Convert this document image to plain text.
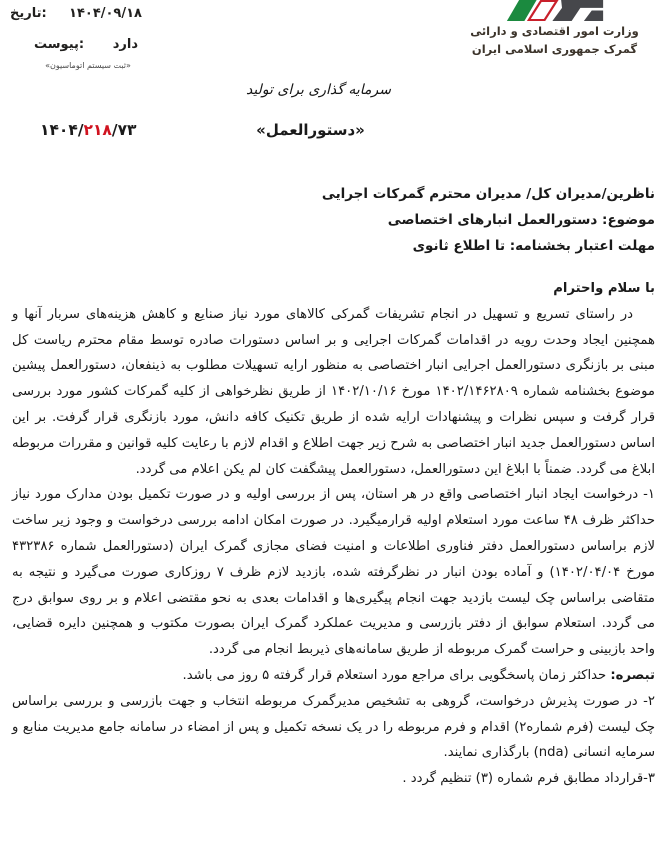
تاریخ: ۱۴۰۴/۰۹/۱۸
پیوست: دارد
«ثبت سیستم اتوماسیون»
وزارت امور اقتصادی و دارائی
گمرک جمهوری اسلامی ایران
سرمایه گذاری برای تولید
«دستورالعمل»
۱۴۰۴/۲۱۸/۷۳
ناظرین/مدیران کل/ مدیران محترم گمرکات اجرایی
موضوع: دستورالعمل انبارهای اختصاصی
مهلت اعتبار بخشنامه: تا اطلاع ثانوی

با سلام واحترام

در راستای تسریع و تسهیل در انجام تشریفات گمرکی کالاهای مورد نیاز صنایع و کاهش هزینه‌های سربار آنها و همچنین ایجاد وحدت رویه در اقدامات گمرکات اجرایی و بر اساس دستورات صادره توسط مقام محترم ریاست کل مبنی بر بازنگری دستورالعمل اجرایی انبار اختصاصی به منظور ارایه تسهیلات مطلوب به ذینفعان، دستورالعمل پیشین موضوع بخشنامه شماره ۱۴۰۲/۱۴۶۲۸۰۹ مورخ ۱۴۰۲/۱۰/۱۶ از طریق نظرخواهی از کلیه گمرکات کشور مورد بررسی قرار گرفت و سپس نظرات و پیشنهادات ارایه شده از طریق تکنیک کافه دانش، مورد بازنگری قرار گرفت. بر این اساس دستورالعمل جدید انبار اختصاصی به شرح زیر جهت اطلاع و اقدام لازم با رعایت کلیه قوانین و مقررات مربوطه ابلاغ می گردد. ضمناً با ابلاغ این دستورالعمل، دستورالعمل پیشگفت کان لم یکن اعلام می گردد.

۱- درخواست ایجاد انبار اختصاصی واقع در هر استان، پس از بررسی اولیه و در صورت تکمیل بودن مدارک مورد نیاز حداکثر ظرف ۴۸ ساعت مورد استعلام اولیه قرارمیگیرد. در صورت امکان ادامه بررسی درخواست و وجود زیر ساخت لازم براساس دستورالعمل دفتر فناوری اطلاعات و امنیت فضای مجازی گمرک ایران (دستورالعمل شماره ۴۳۲۳۸۶ مورخ ۱۴۰۲/۰۴/۰۴) و آماده بودن انبار در نظرگرفته شده، بازدید لازم ظرف ۷ روزکاری صورت می‌گیرد و نتیجه به متقاضی براساس چک لیست بازدید جهت انجام پیگیری‌ها و اقدامات بعدی به نحو مقتضی اعلام و بر روی سوابق درج می گردد. استعلام سوابق از دفتر بازرسی و مدیریت عملکرد گمرک ایران بصورت مکتوب و همچنین دایره قضایی، واحد بازبینی و حراست گمرک مربوطه از طریق سامانه‌های ذیربط انجام می گردد.

تبصره: حداکثر زمان پاسخگویی برای مراجع مورد استعلام قرار گرفته ۵ روز می باشد.

۲- در صورت پذیرش درخواست، گروهی به تشخیص مدیرگمرک مربوطه انتخاب و جهت بازرسی و بررسی براساس چک لیست (فرم شماره۲) اقدام و فرم مربوطه را در یک نسخه تکمیل و پس از امضاء در سامانه جامع مدیریت منابع و سرمایه انسانی (nda) بارگذاری نمایند.

۳-قرارداد مطابق فرم شماره (۳) تنظیم گردد .
